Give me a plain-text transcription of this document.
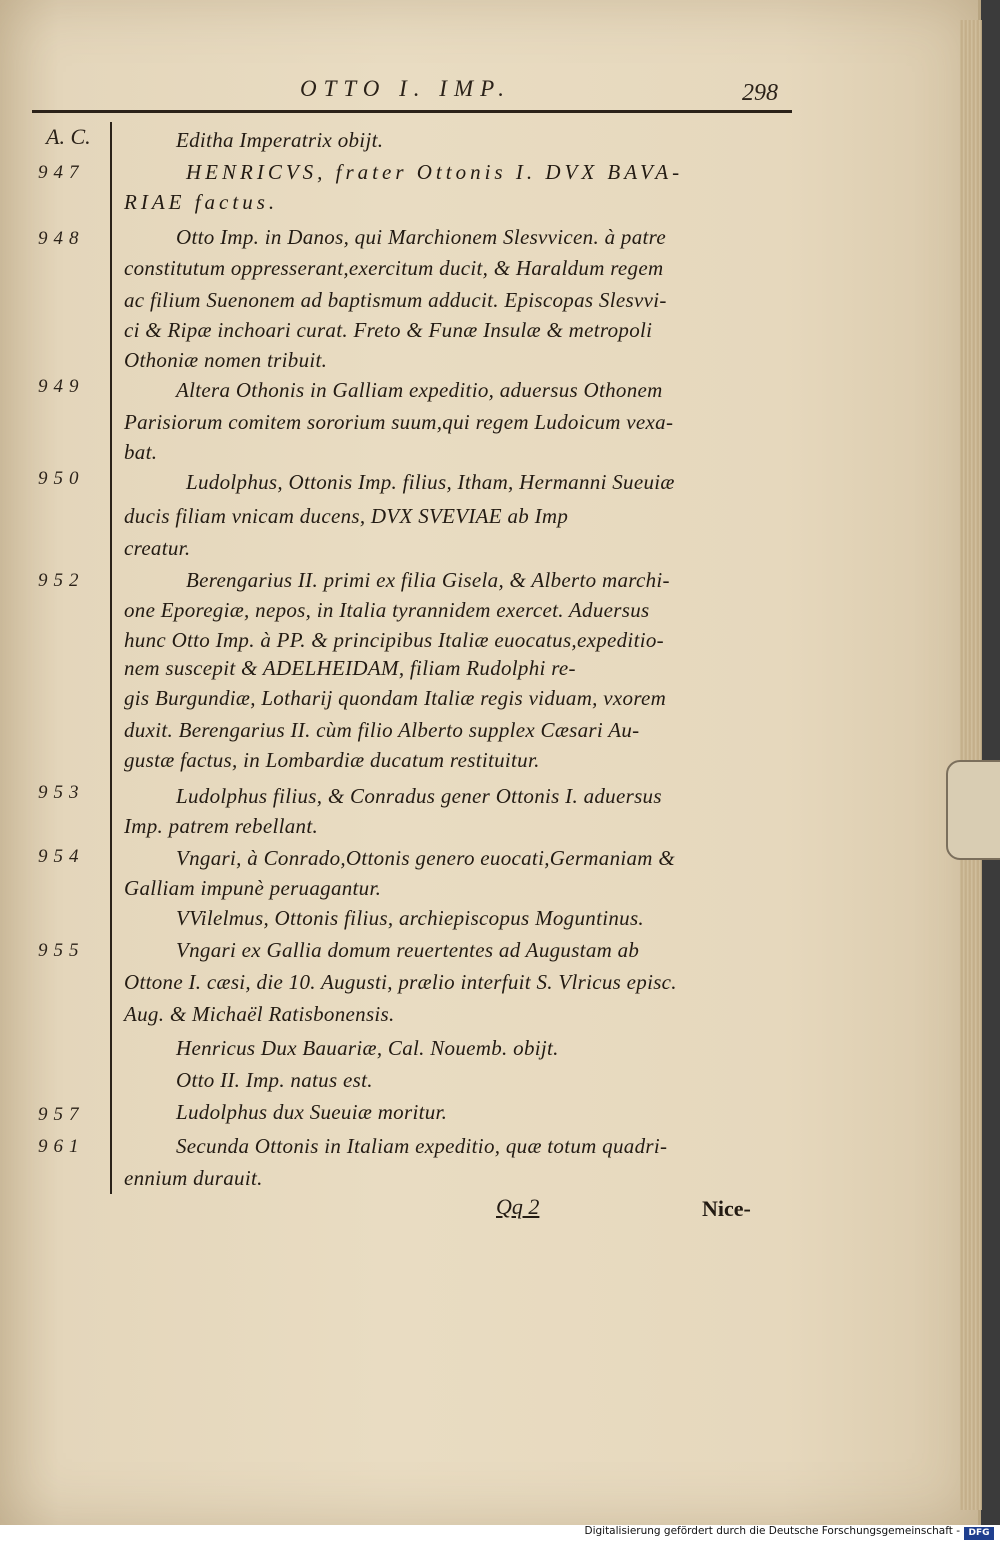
OTTO I. IMP.	298
A. C.
947
948
949
950
952
953
954
955
957
961
Editha Imperatrix obijt.
HENRICVS, frater Ottonis I. DVX BAVA-
RIAE factus.
Otto Imp. in Danos, qui Marchionem Slesvvicen. à patre
constitutum oppresserant,exercitum ducit, & Haraldum regem
ac filium Suenonem ad baptismum adducit. Episcopas Slesvvi-
ci & Ripæ inchoari curat. Freto & Funæ Insulæ & metropoli
Othoniæ nomen tribuit.
Altera Othonis in Galliam expeditio, aduersus Othonem
Parisiorum comitem sororium suum,qui regem Ludoicum vexa-
bat.
Ludolphus, Ottonis Imp. filius, Itham, Hermanni Sueuiæ
ducis filiam vnicam ducens, DVX SVEVIAE ab Imp
creatur.
Berengarius II. primi ex filia Gisela, & Alberto marchi-
one Eporegiæ, nepos, in Italia tyrannidem exercet. Aduersus
hunc Otto Imp. à PP. & principibus Italiæ euocatus,expeditio-
nem suscepit & ADELHEIDAM, filiam Rudolphi re-
gis Burgundiæ, Lotharij quondam Italiæ regis viduam, vxorem
duxit. Berengarius II. cùm filio Alberto supplex Cæsari Au-
gustæ factus, in Lombardiæ ducatum restituitur.
Ludolphus filius, & Conradus gener Ottonis I. aduersus
Imp. patrem rebellant.
Vngari, à Conrado,Ottonis genero euocati,Germaniam &
Galliam impunè peruagantur.
VVilelmus, Ottonis filius, archiepiscopus Moguntinus.
Vngari ex Gallia domum reuertentes ad Augustam ab
Ottone I. cæsi, die 10. Augusti, prælio interfuit S. Vlricus episc.
Aug. & Michaël Ratisbonensis.
Henricus Dux Bauariæ, Cal. Nouemb. obijt.
Otto II. Imp. natus est.
Ludolphus dux Sueuiæ moritur.
Secunda Ottonis in Italiam expeditio, quæ totum quadri-
ennium durauit.
Qq 2	Nice-
Digitalisierung gefördert durch die Deutsche Forschungsgemeinschaft - DFG
